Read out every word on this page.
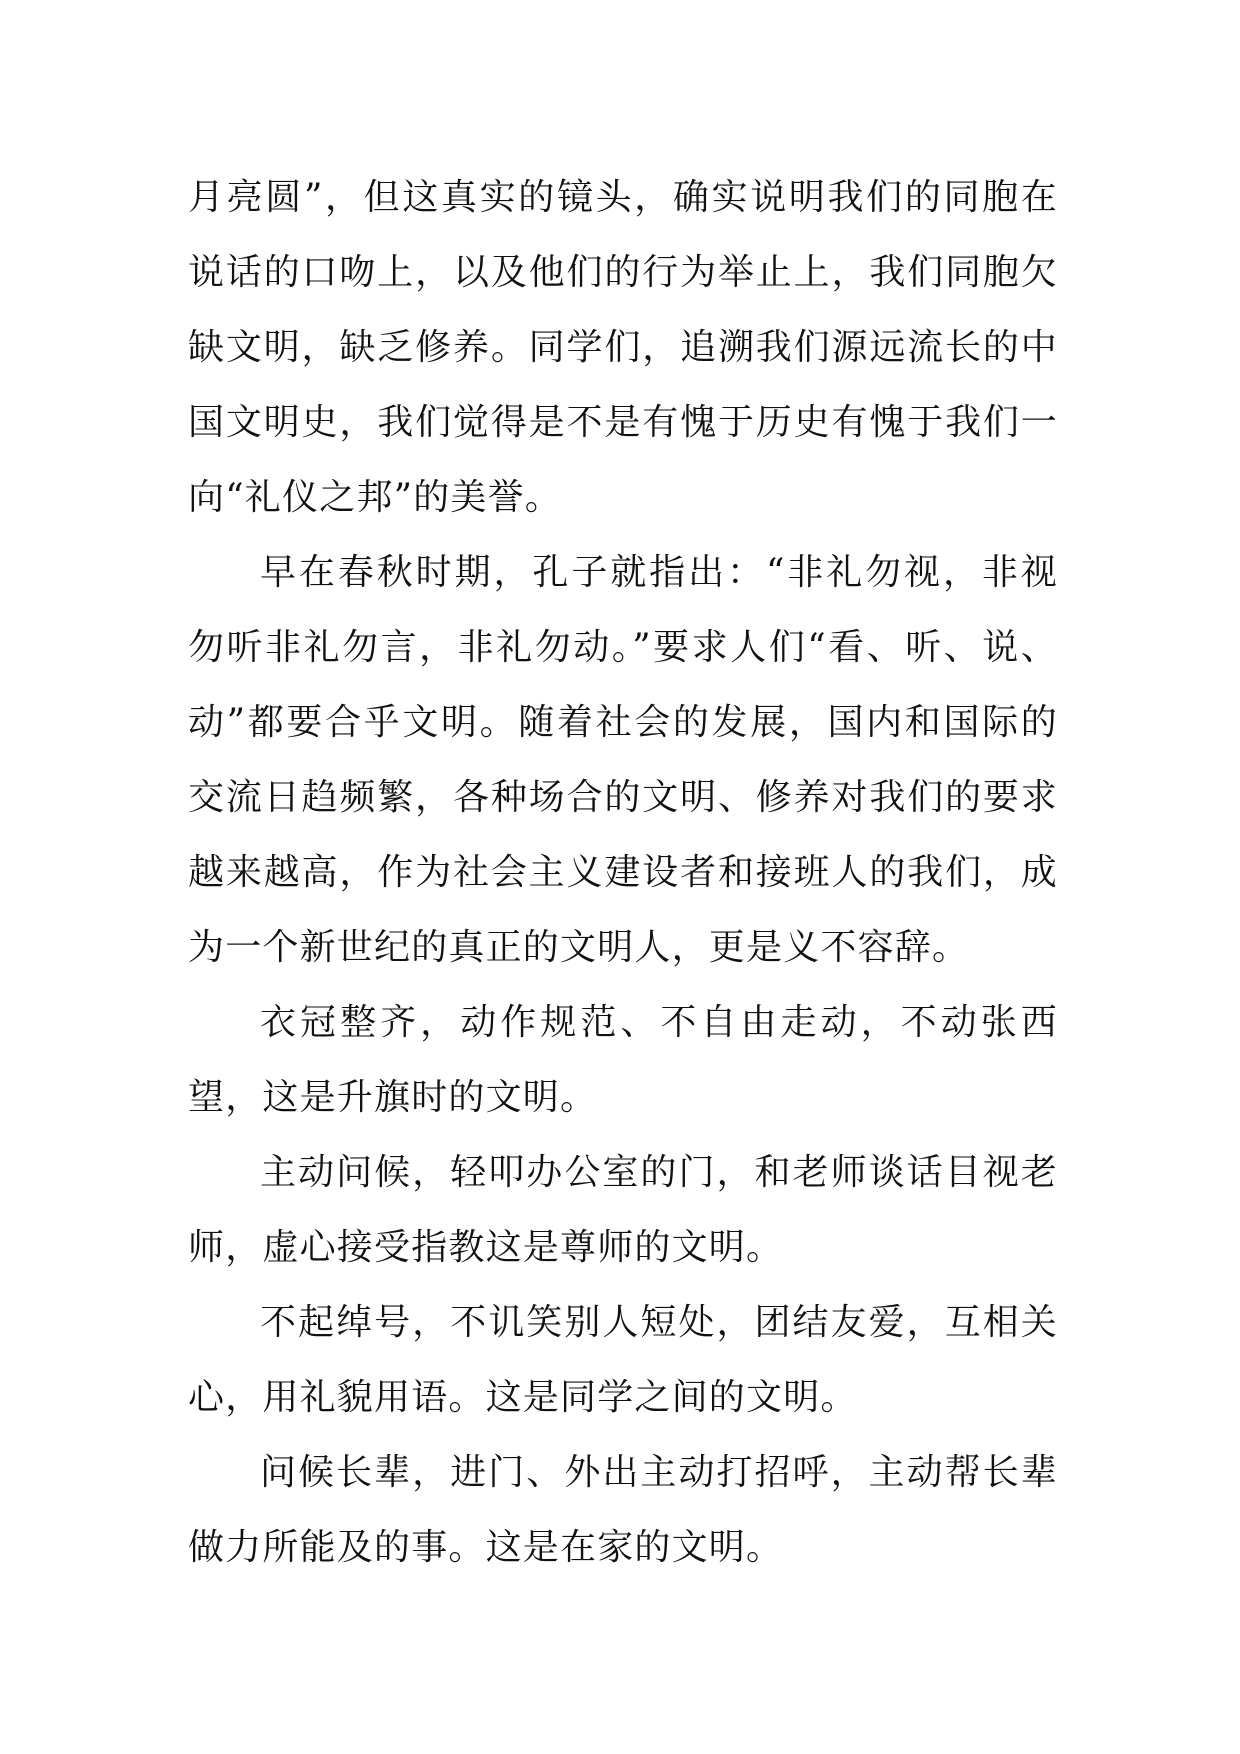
月亮圆”，但这真实的镜头，确实说明我们的同胞在说话的口吻上，以及他们的行为举止上，我们同胞欠缺文明，缺乏修养。同学们，追溯我们源远流长的中国文明史，我们觉得是不是有愧于历史有愧于我们一向“礼仪之邦”的美誉。

早在春秋时期，孔子就指出：“非礼勿视，非视勿听非礼勿言，非礼勿动。”要求人们“看、听、说、动”都要合乎文明。随着社会的发展，国内和国际的交流日趋频繁，各种场合的文明、修养对我们的要求越来越高，作为社会主义建设者和接班人的我们，成为一个新世纪的真正的文明人，更是义不容辞。

衣冠整齐，动作规范、不自由走动，不动张西望，这是升旗时的文明。

主动问候，轻叩办公室的门，和老师谈话目视老师，虚心接受指教这是尊师的文明。

不起绰号，不讥笑别人短处，团结友爱，互相关心，用礼貌用语。这是同学之间的文明。

问候长辈，进门、外出主动打招呼，主动帮长辈做力所能及的事。这是在家的文明。
